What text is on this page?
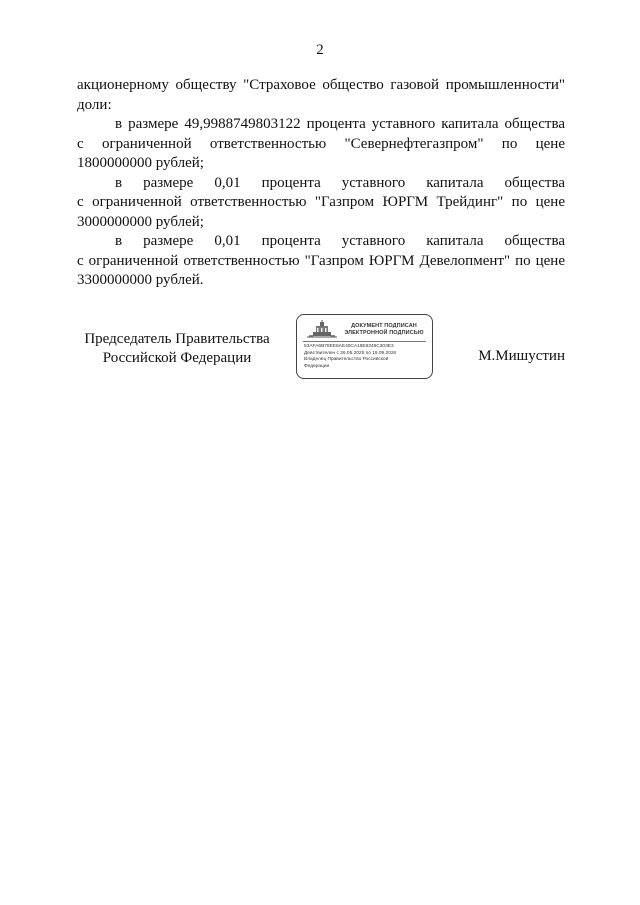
2
акционерному обществу "Страховое общество газовой промышленности"
доли:
в размере 49,9988749803122 процента уставного капитала общества
с ограниченной ответственностью "Севернефтегазпром" по цене
1800000000 рублей;
в размере 0,01 процента уставного капитала общества
с ограниченной ответственностью "Газпром ЮРГМ Трейдинг" по цене
3000000000 рублей;
в размере 0,01 процента уставного капитала общества
с ограниченной ответственностью "Газпром ЮРГМ Девелопмент" по цене
3300000000 рублей.
Председатель Правительства
Российской Федерации
ДОКУМЕНТ ПОДПИСАН
ЭЛЕКТРОННОЙ ПОДПИСЬЮ
53AFA6B78EE8AE40CA18E6349C303E3
Действителен с 26.05.2025 по 19.09.2026
Владелец Правительство Российской
Федерации
М.Мишустин
